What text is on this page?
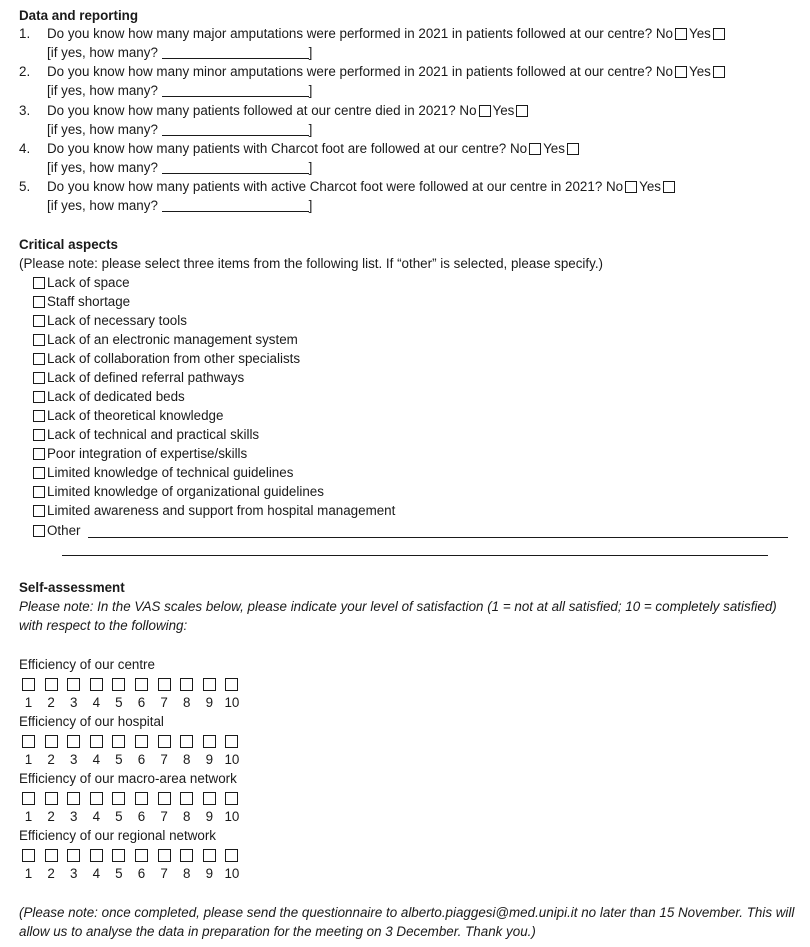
Data and reporting
1. Do you know how many major amputations were performed in 2021 in patients followed at our centre? No Yes
[if yes, how many?	]
2. Do you know how many minor amputations were performed in 2021 in patients followed at our centre? No Yes
[if yes, how many?	]
3. Do you know how many patients followed at our centre died in 2021? No Yes
[if yes, how many?	]
4. Do you know how many patients with Charcot foot are followed at our centre? No Yes
[if yes, how many?	]
5. Do you know how many patients with active Charcot foot were followed at our centre in 2021? No Yes
[if yes, how many?	]
Critical aspects
(Please note: please select three items from the following list. If “other” is selected, please specify.)
Lack of space
Staff shortage
Lack of necessary tools
Lack of an electronic management system
Lack of collaboration from other specialists
Lack of defined referral pathways
Lack of dedicated beds
Lack of theoretical knowledge
Lack of technical and practical skills
Poor integration of expertise/skills
Limited knowledge of technical guidelines
Limited knowledge of organizational guidelines
Limited awareness and support from hospital management
Other
Self-assessment
Please note: In the VAS scales below, please indicate your level of satisfaction (1 = not at all satisfied; 10 = completely satisfied)
with respect to the following:
Efficiency of our centre
1	2	3	4	5	6	7	8	9 10
Efficiency of our hospital
1	2	3	4	5	6	7	8	9 10
Efficiency of our macro-area network
1	2	3	4	5	6	7	8	9 10
Efficiency of our regional network
1	2	3	4	5	6	7	8	9 10
(Please note: once completed, please send the questionnaire to alberto.piaggesi@med.unipi.it no later than 15 November. This will
allow us to analyse the data in preparation for the meeting on 3 December. Thank you.)
